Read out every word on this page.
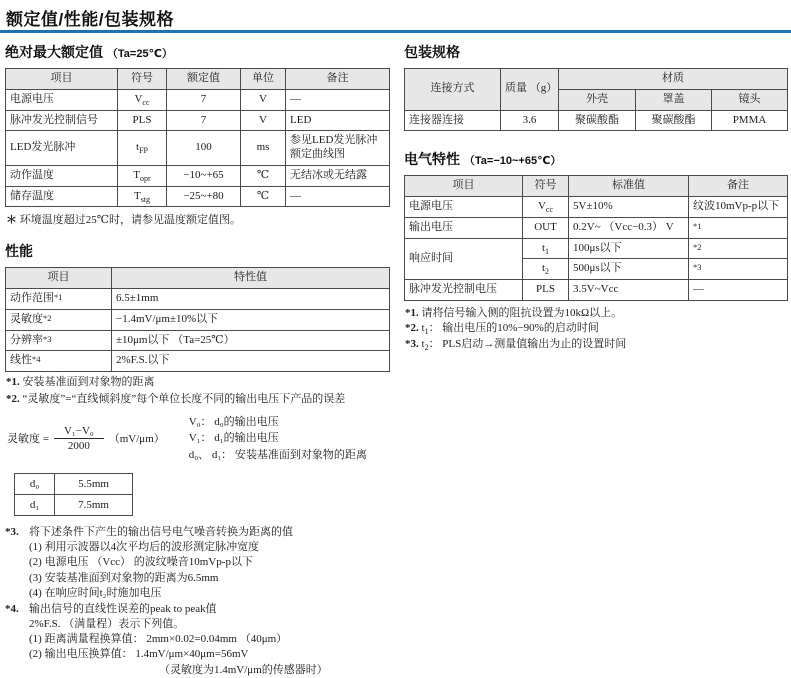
额定值/性能/包装规格
绝对最大额定值 （Ta=25℃）
项目	符号	额定值	单位	备注
电源电压	$V_{cc}$	7	V	—
脉冲发光控制信号	PLS	7	V	LED
LED发光脉冲	$t_{FP}$	100	ms	参见LED发光脉冲额定曲线图
动作温度	$T_{opr}$	−10~+65	℃	无结冰或无结露
储存温度	$T_{stg}$	−25~+80	℃	—
＊ 环境温度超过25℃时，请参见温度额定值图。
性能
项目	特性值
动作范围$^{*1}$	6.5±1mm
灵敏度$^{*2}$	−1.4mV/μm±10%以下
分辨率$^{*3}$	±10μm以下 （Ta=25℃）
线性$^{*4}$	2%F.S.以下
*1. 安装基准面到对象物的距离
*2. “灵敏度”=“直线倾斜度”每个单位长度不同的输出电压下产品的误差
灵敏度 = $\frac{\text{V₁−V₀}}{2000} (mV/\mu m)$
V₀： d₀的输出电压
V₁： d₁的输出电压
d₀、 d₁： 安装基准面到对象物的距离
d₀	5.5mm
d₁	7.5mm
*3. 将下述条件下产生的输出信号电气噪音转换为距离的值
(1) 利用示波器以4次平均后的波形测定脉冲宽度
(2) 电源电压 （Vcc） 的波纹噪音10mVp-p以下
(3) 安装基准面到对象物的距离为6.5mm
(4) 在响应时间t₂时施加电压
*4. 输出信号的直线性误差的peak to peak值
2%F.S. （满量程）表示下列值。
(1) 距离满量程换算值： 2mm×0.02=0.04mm （40μm）
(2) 输出电压换算值： 1.4mV/μm×40μm=56mV
（灵敏度为1.4mV/μm的传感器时）
包装规格
连接方式	质量 （g）	材质		
		外壳	罩盖	镜头
连接器连接	3.6	聚碳酸酯	聚碳酸酯	PMMA
电气特性 （Ta=−10~+65℃）
项目	符号	标准值	备注
电源电压	$V_{cc}$	5V±10%	纹波10mVp-p以下
输出电压	OUT	0.2V~ （Vcc−0.3） V	$^{*1}$
响应时间	$t_1$	100μs以下	$^{*2}$
	$t_2$	500μs以下	$^{*3}$
脉冲发光控制电压	PLS	3.5V~Vcc	—
*1. 请将信号输入侧的阻抗设置为10kΩ以上。
*2. $t_1$： 输出电压的10%−90%的启动时间
*3. $t_2$： PLS启动→测量值输出为止的设置时间
